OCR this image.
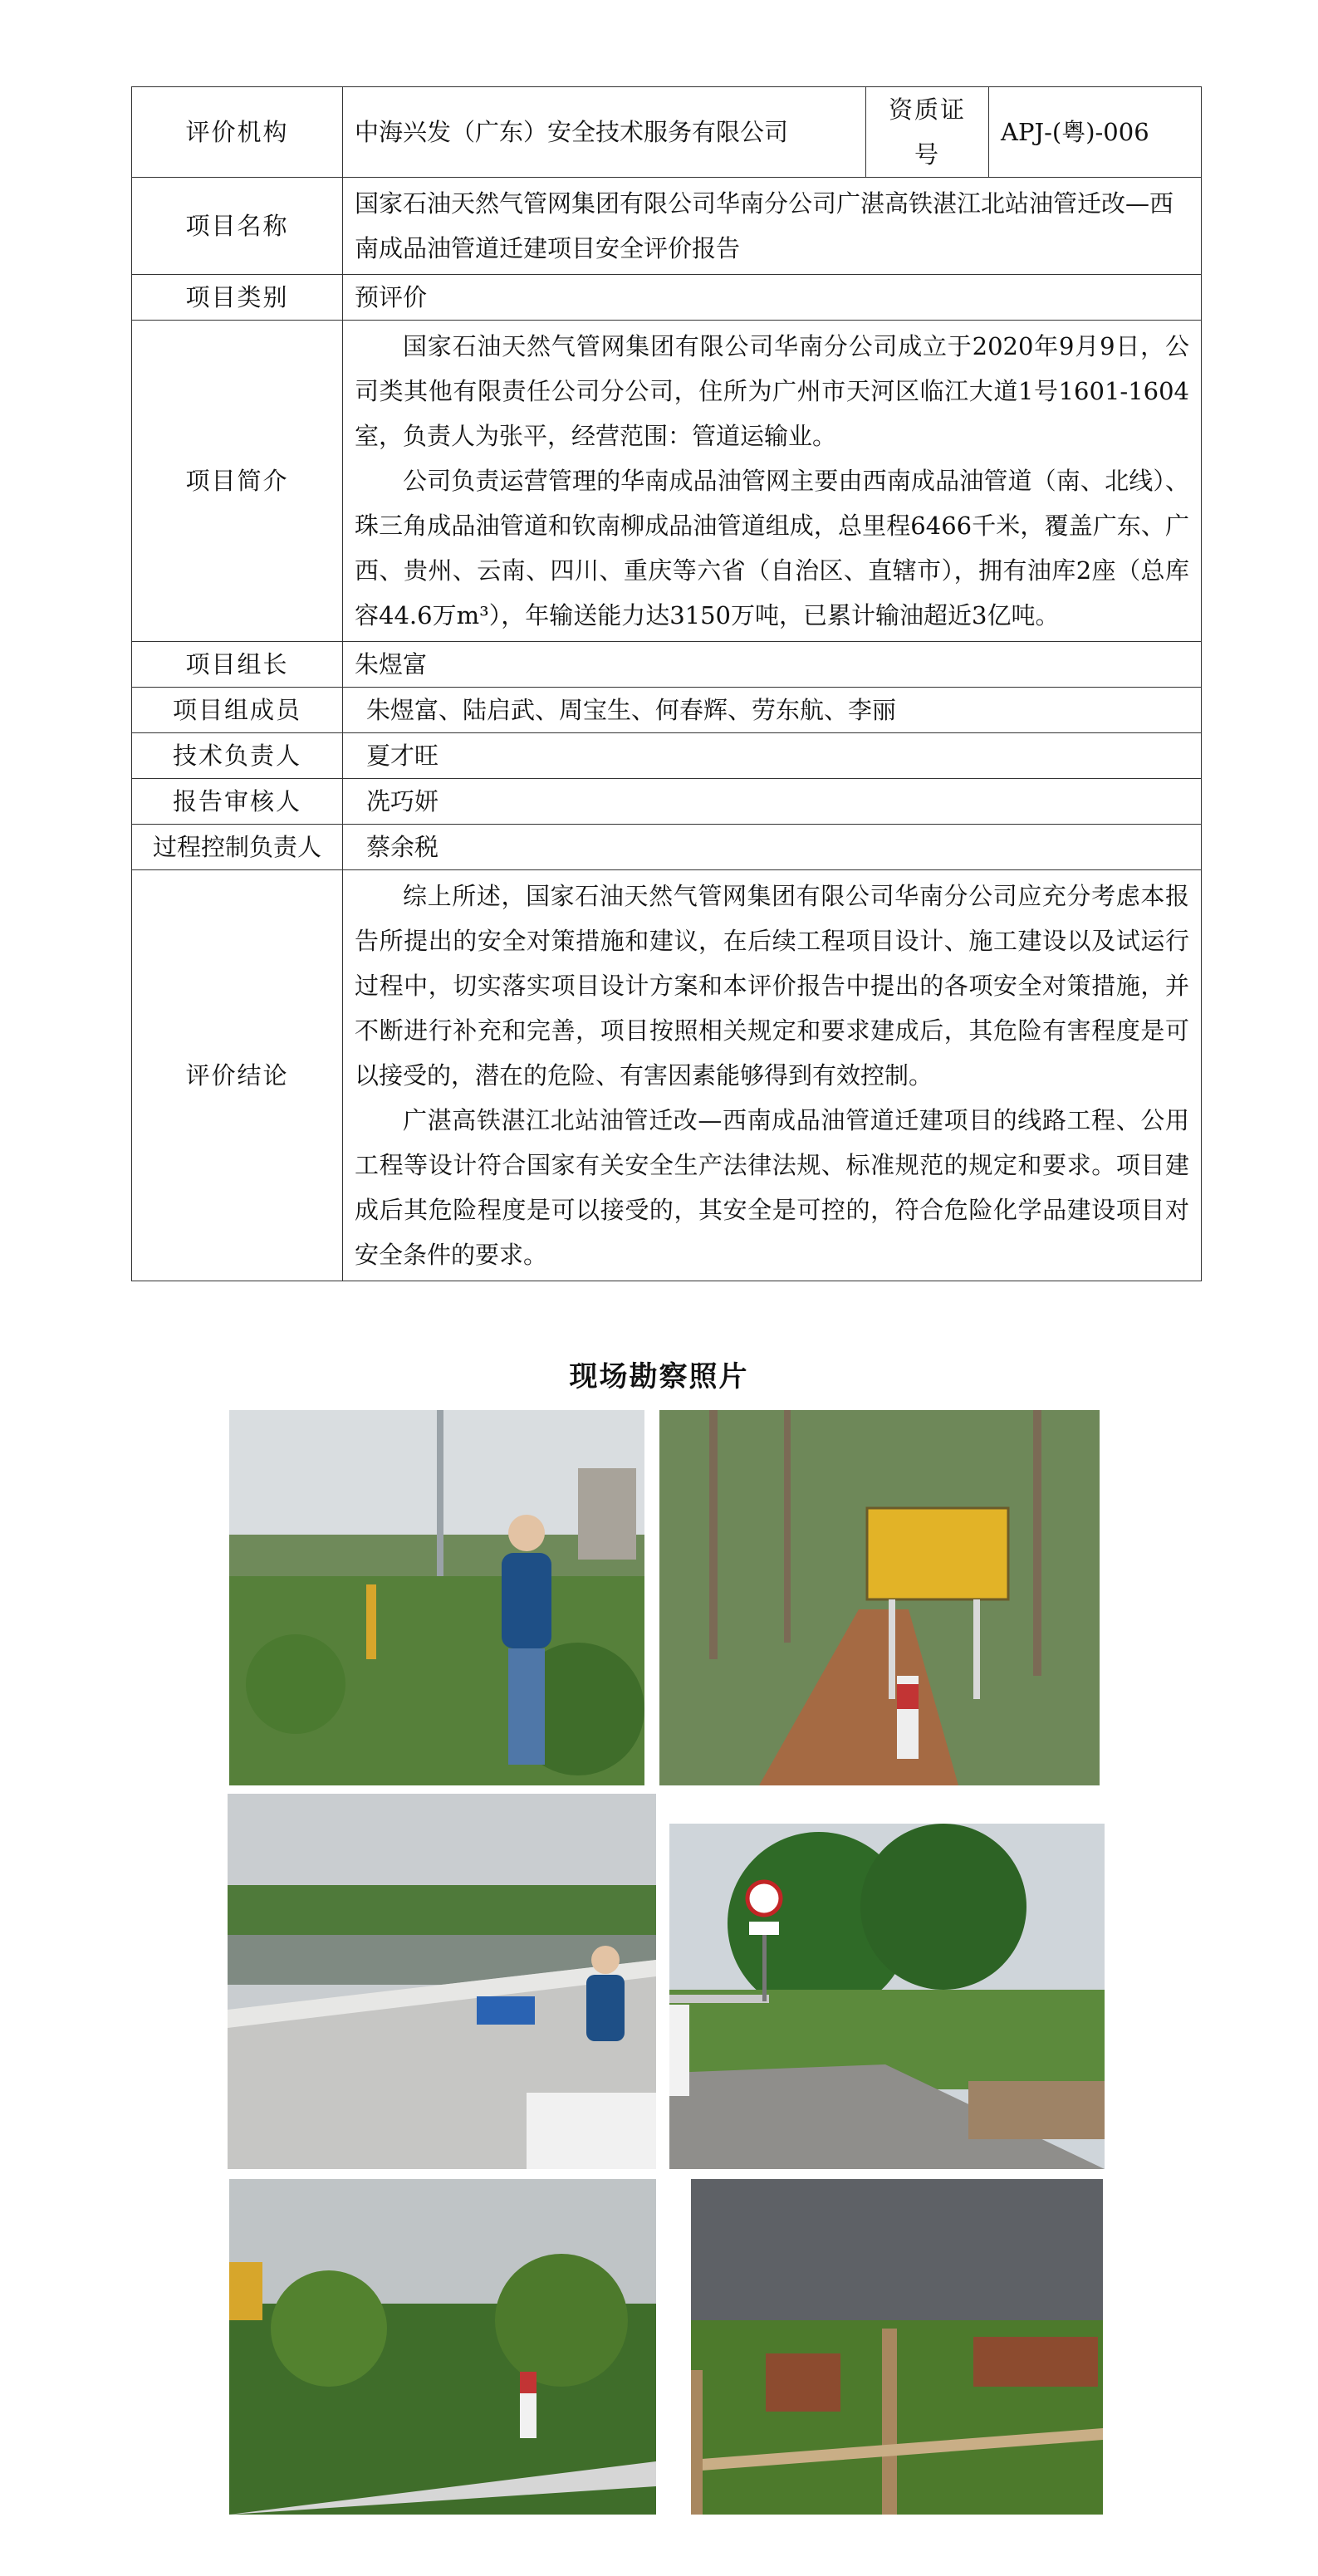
评价机构	中海兴发（广东）安全技术服务有限公司	资质证号	APJ-(粤)-006
项目名称	国家石油天然气管网集团有限公司华南分公司广湛高铁湛江北站油管迁改—西南成品油管道迁建项目安全评价报告		
项目类别	预评价		
项目简介	国家石油天然气管网集团有限公司华南分公司成立于2020年9月9日，公司类其他有限责任公司分公司，住所为广州市天河区临江大道1号1601-1604室，负责人为张平，经营范围：管道运输业。

公司负责运营管理的华南成品油管网主要由西南成品油管道（南、北线）、珠三角成品油管道和钦南柳成品油管道组成，总里程6466千米，覆盖广东、广西、贵州、云南、四川、重庆等六省（自治区、直辖市），拥有油库2座（总库容44.6万m³），年输送能力达3150万吨，已累计输油超近3亿吨。		

项目组长	朱煜富		
项目组成员	朱煜富、陆启武、周宝生、何春辉、劳东航、李丽		
技术负责人	夏才旺		
报告审核人	冼巧妍		
过程控制负责人	蔡余税		
评价结论	综上所述，国家石油天然气管网集团有限公司华南分公司应充分考虑本报告所提出的安全对策措施和建议，在后续工程项目设计、施工建设以及试运行过程中，切实落实项目设计方案和本评价报告中提出的各项安全对策措施，并不断进行补充和完善，项目按照相关规定和要求建成后，其危险有害程度是可以接受的，潜在的危险、有害因素能够得到有效控制。

广湛高铁湛江北站油管迁改—西南成品油管道迁建项目的线路工程、公用工程等设计符合国家有关安全生产法律法规、标准规范的规定和要求。项目建成后其危险程度是可以接受的，其安全是可控的，符合危险化学品建设项目对安全条件的要求。		

现场勘察照片
